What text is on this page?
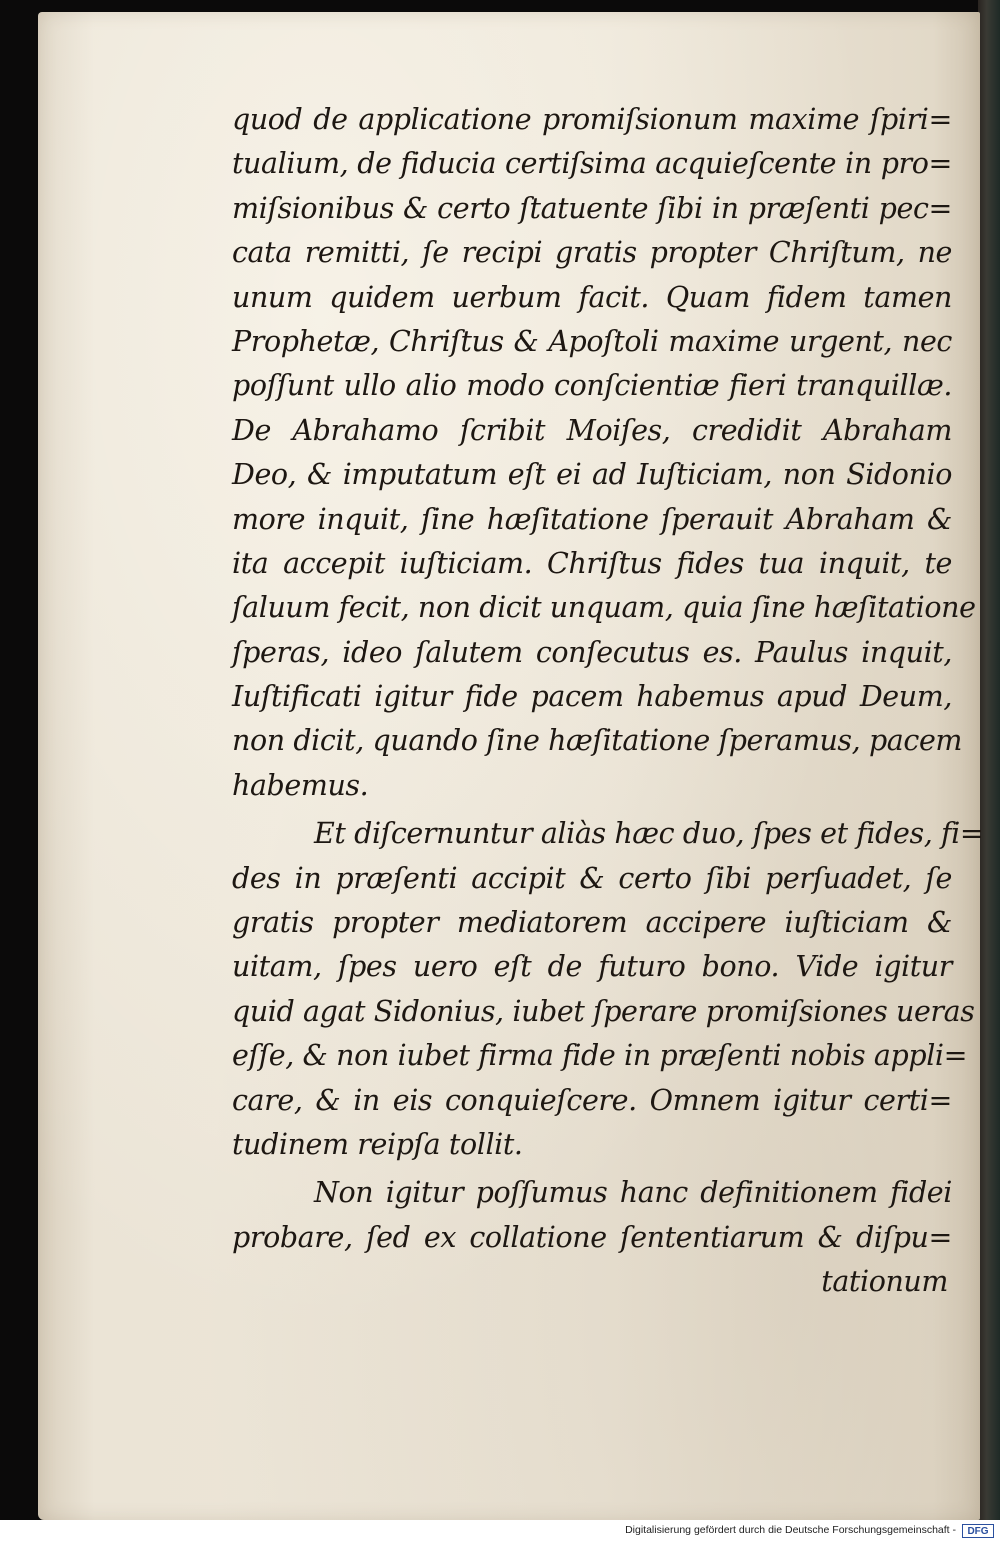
quod de applicatione promiſsionum maxime ſpiri=
tualium, de fiducia certiſsima acquieſcente in pro=
miſsionibus & certo ſtatuente ſibi in præſenti pec=
cata remitti, ſe recipi gratis propter Chriſtum, ne
unum quidem uerbum facit. Quam fidem tamen
Prophetæ, Chriſtus & Apoſtoli maxime urgent, nec
poſſunt ullo alio modo conſcientiæ fieri tranquillæ.
De Abrahamo ſcribit Moiſes, credidit Abraham
Deo, & imputatum eſt ei ad Iuſticiam, non Sidonio
more inquit, ſine hæſitatione ſperauit Abraham &
ita accepit iuſticiam. Chriſtus fides tua inquit, te
ſaluum fecit, non dicit unquam, quia ſine hæſitatione
ſperas, ideo ſalutem conſecutus es. Paulus inquit,
Iuſtificati igitur fide pacem habemus apud Deum,
non dicit, quando ſine hæſitatione ſperamus, pacem
habemus.
Et diſcernuntur aliàs hæc duo, ſpes et fides, fi=
des in præſenti accipit & certo ſibi perſuadet, ſe
gratis propter mediatorem accipere iuſticiam &
uitam, ſpes uero eſt de futuro bono. Vide igitur
quid agat Sidonius, iubet ſperare promiſsiones ueras
eſſe, & non iubet firma fide in præſenti nobis appli=
care, & in eis conquieſcere. Omnem igitur certi=
tudinem reipſa tollit.
Non igitur poſſumus hanc definitionem fidei
probare, ſed ex collatione ſententiarum & diſpu=
tationum
Digitalisierung gefördert durch die Deutsche Forschungsgemeinschaft -	DFG
